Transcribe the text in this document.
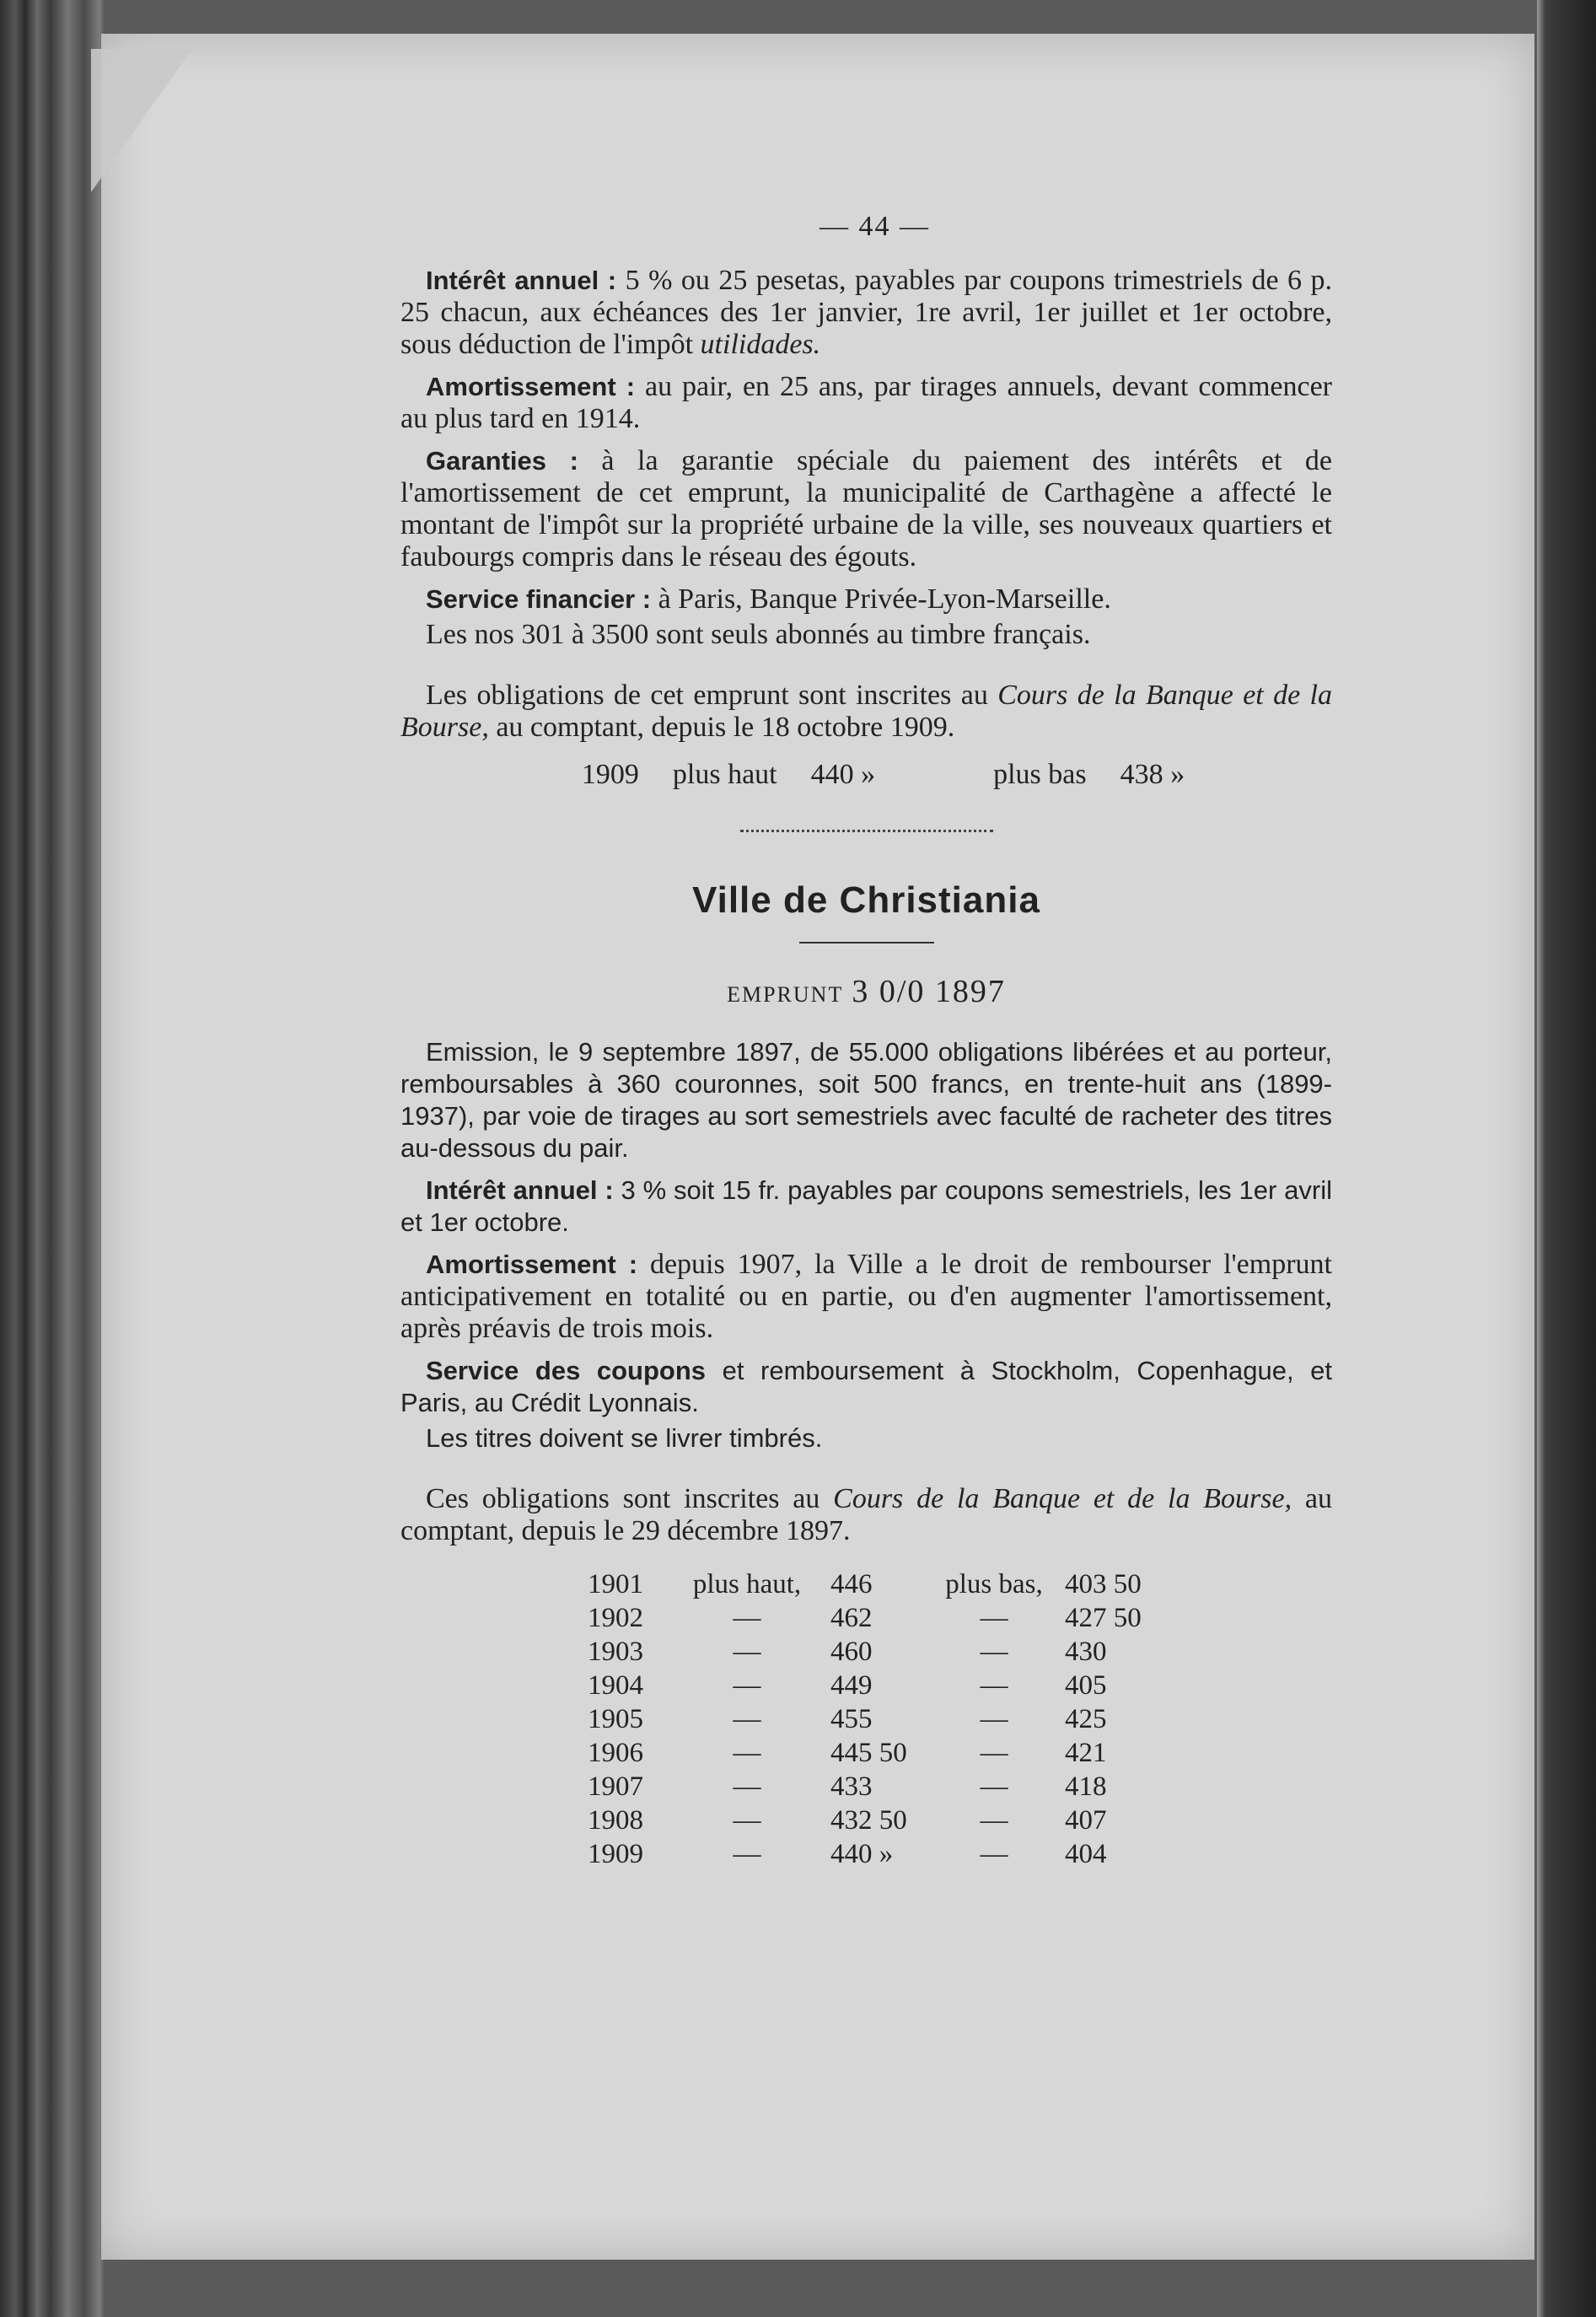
— 44 —

Intérêt annuel : 5 % ou 25 pesetas, payables par coupons trimestriels de 6 p. 25 chacun, aux échéances des 1er janvier, 1re avril, 1er juillet et 1er octobre, sous déduction de l'impôt utilidades.

Amortissement : au pair, en 25 ans, par tirages annuels, devant commencer au plus tard en 1914.

Garanties : à la garantie spéciale du paiement des intérêts et de l'amortissement de cet emprunt, la municipalité de Carthagène a affecté le montant de l'impôt sur la propriété urbaine de la ville, ses nouveaux quartiers et faubourgs compris dans le réseau des égouts.

Service financier : à Paris, Banque Privée-Lyon-Marseille.

Les nos 301 à 3500 sont seuls abonnés au timbre français.

Les obligations de cet emprunt sont inscrites au Cours de la Banque et de la Bourse, au comptant, depuis le 18 octobre 1909.

1909 plus haut 440 »	plus bas 438 »
Ville de Christiania
EMPRUNT 3 0/0 1897

Emission, le 9 septembre 1897, de 55.000 obligations libérées et au porteur, remboursables à 360 couronnes, soit 500 francs, en trente-huit ans (1899-1937), par voie de tirages au sort semestriels avec faculté de racheter des titres au-dessous du pair.

Intérêt annuel : 3 % soit 15 fr. payables par coupons semestriels, les 1er avril et 1er octobre.

Amortissement : depuis 1907, la Ville a le droit de rembourser l'emprunt anticipativement en totalité ou en partie, ou d'en augmenter l'amortissement, après préavis de trois mois.

Service des coupons et remboursement à Stockholm, Copenhague, et Paris, au Crédit Lyonnais.

Les titres doivent se livrer timbrés.

Ces obligations sont inscrites au Cours de la Banque et de la Bourse, au comptant, depuis le 29 décembre 1897.

1901	plus haut,	446	plus bas,	403 50
1902	—	462	—	427 50
1903	—	460	—	430
1904	—	449	—	405
1905	—	455	—	425
1906	—	445 50	—	421
1907	—	433	—	418
1908	—	432 50	—	407
1909	—	440 »	—	404
